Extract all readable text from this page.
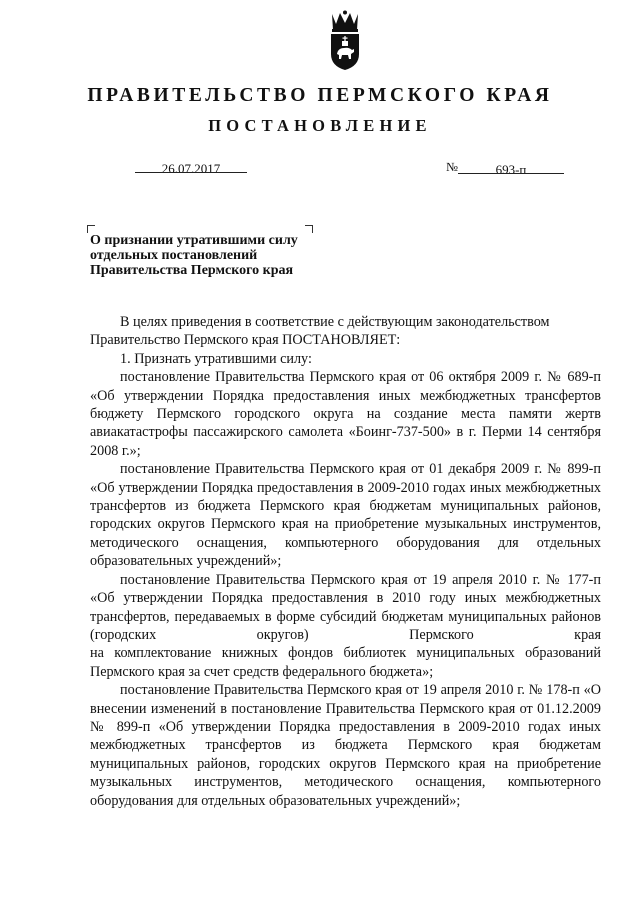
ПРАВИТЕЛЬСТВО ПЕРМСКОГО КРАЯ
ПОСТАНОВЛЕНИЕ
26.07.2017	№	693-п
О признании утратившими силу
отдельных постановлений
Правительства Пермского края

В целях приведения в соответствие с действующим законодательством Правительство Пермского края ПОСТАНОВЛЯЕТ:

1. Признать утратившими силу:

постановление Правительства Пермского края от 06 октября 2009 г. № 689-п «Об утверждении Порядка предоставления иных межбюджетных трансфертов бюджету Пермского городского округа на создание места памяти жертв авиакатастрофы пассажирского самолета «Боинг-737-500» в г. Перми 14 сентября 2008 г.»;

постановление Правительства Пермского края от 01 декабря 2009 г. № 899-п «Об утверждении Порядка предоставления в 2009-2010 годах иных межбюджетных трансфертов из бюджета Пермского края бюджетам муниципальных районов, городских округов Пермского края на приобретение музыкальных инструментов, методического оснащения, компьютерного оборудования для отдельных образовательных учреждений»;

постановление Правительства Пермского края от 19 апреля 2010 г. № 177-п «Об утверждении Порядка предоставления в 2010 году иных межбюджетных трансфертов, передаваемых в форме субсидий бюджетам муниципальных районов (городских округов) Пермского края

на комплектование книжных фондов библиотек муниципальных образований Пермского края за счет средств федерального бюджета»;

постановление Правительства Пермского края от 19 апреля 2010 г. № 178-п «О внесении изменений в постановление Правительства Пермского края от 01.12.2009 № 899-п «Об утверждении Порядка предоставления в 2009-2010 годах иных межбюджетных трансфертов из бюджета Пермского края бюджетам муниципальных районов, городских округов Пермского края на приобретение музыкальных инструментов, методического оснащения, компьютерного оборудования для отдельных образовательных учреждений»;
